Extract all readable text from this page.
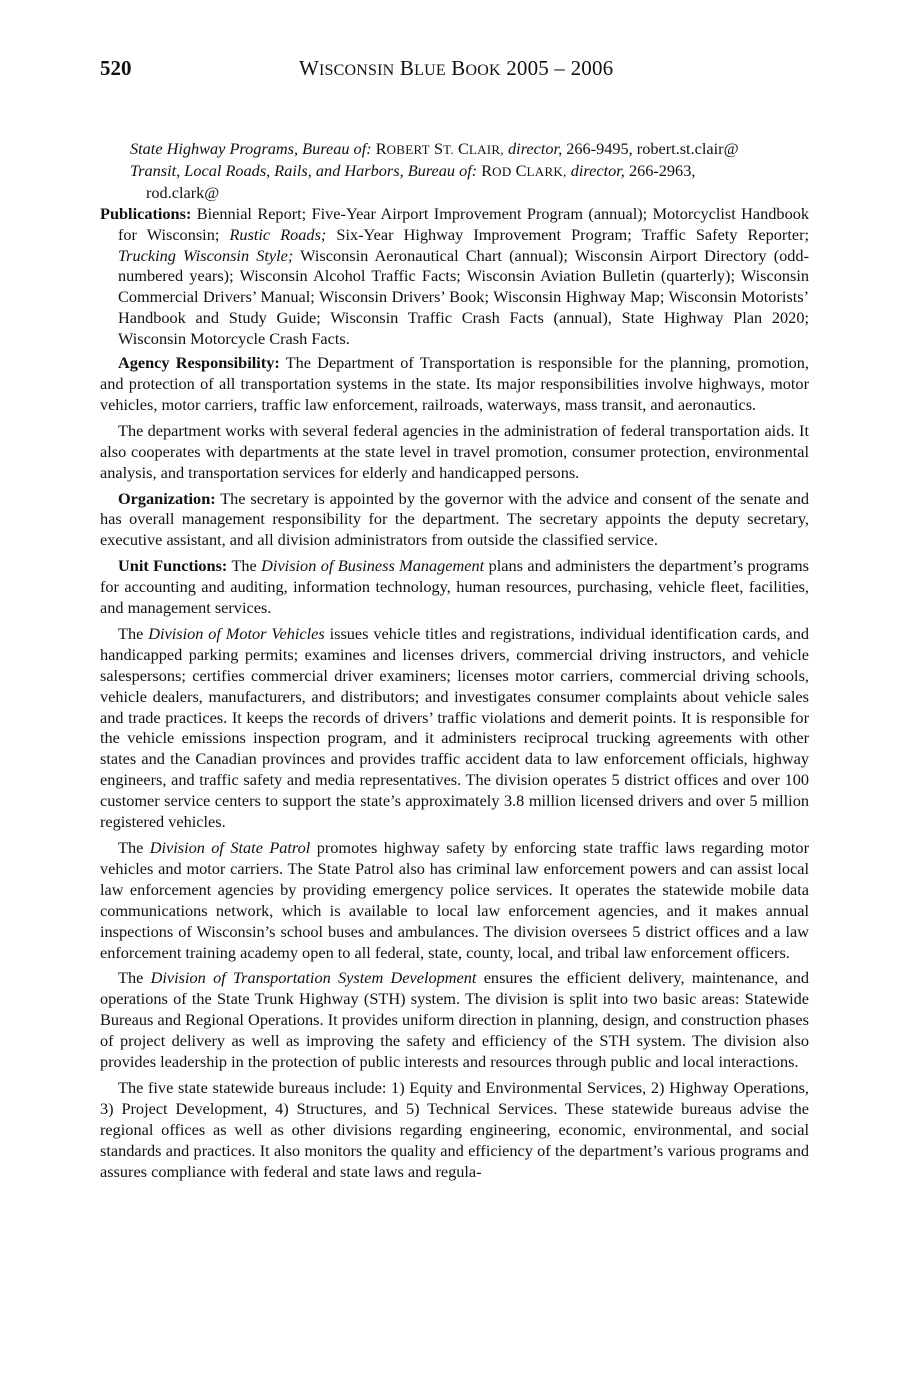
520	WISCONSIN BLUE BOOK 2005 – 2006

State Highway Programs, Bureau of: ROBERT ST. CLAIR, director, 266-9495, robert.st.clair@

Transit, Local Roads, Rails, and Harbors, Bureau of: ROD CLARK, director, 266-2963,
rod.clark@

Publications: Biennial Report; Five-Year Airport Improvement Program (annual); Motorcyclist Handbook for Wisconsin; Rustic Roads; Six-Year Highway Improvement Program; Traffic Safety Reporter; Trucking Wisconsin Style; Wisconsin Aeronautical Chart (annual); Wisconsin Airport Directory (odd-numbered years); Wisconsin Alcohol Traffic Facts; Wisconsin Aviation Bulletin (quarterly); Wisconsin Commercial Drivers’ Manual; Wisconsin Drivers’ Book; Wisconsin Highway Map; Wisconsin Motorists’ Handbook and Study Guide; Wisconsin Traffic Crash Facts (annual), State Highway Plan 2020; Wisconsin Motorcycle Crash Facts.

Agency Responsibility: The Department of Transportation is responsible for the planning, promotion, and protection of all transportation systems in the state. Its major responsibilities involve highways, motor vehicles, motor carriers, traffic law enforcement, railroads, waterways, mass transit, and aeronautics.

The department works with several federal agencies in the administration of federal transportation aids. It also cooperates with departments at the state level in travel promotion, consumer protection, environmental analysis, and transportation services for elderly and handicapped persons.

Organization: The secretary is appointed by the governor with the advice and consent of the senate and has overall management responsibility for the department. The secretary appoints the deputy secretary, executive assistant, and all division administrators from outside the classified service.

Unit Functions: The Division of Business Management plans and administers the department’s programs for accounting and auditing, information technology, human resources, purchasing, vehicle fleet, facilities, and management services.

The Division of Motor Vehicles issues vehicle titles and registrations, individual identification cards, and handicapped parking permits; examines and licenses drivers, commercial driving instructors, and vehicle salespersons; certifies commercial driver examiners; licenses motor carriers, commercial driving schools, vehicle dealers, manufacturers, and distributors; and investigates consumer complaints about vehicle sales and trade practices. It keeps the records of drivers’ traffic violations and demerit points. It is responsible for the vehicle emissions inspection program, and it administers reciprocal trucking agreements with other states and the Canadian provinces and provides traffic accident data to law enforcement officials, highway engineers, and traffic safety and media representatives. The division operates 5 district offices and over 100 customer service centers to support the state’s approximately 3.8 million licensed drivers and over 5 million registered vehicles.

The Division of State Patrol promotes highway safety by enforcing state traffic laws regarding motor vehicles and motor carriers. The State Patrol also has criminal law enforcement powers and can assist local law enforcement agencies by providing emergency police services. It operates the statewide mobile data communications network, which is available to local law enforcement agencies, and it makes annual inspections of Wisconsin’s school buses and ambulances. The division oversees 5 district offices and a law enforcement training academy open to all federal, state, county, local, and tribal law enforcement officers.

The Division of Transportation System Development ensures the efficient delivery, maintenance, and operations of the State Trunk Highway (STH) system. The division is split into two basic areas: Statewide Bureaus and Regional Operations. It provides uniform direction in planning, design, and construction phases of project delivery as well as improving the safety and efficiency of the STH system. The division also provides leadership in the protection of public interests and resources through public and local interactions.

The five state statewide bureaus include: 1) Equity and Environmental Services, 2) Highway Operations, 3) Project Development, 4) Structures, and 5) Technical Services. These statewide bureaus advise the regional offices as well as other divisions regarding engineering, economic, environmental, and social standards and practices. It also monitors the quality and efficiency of the department’s various programs and assures compliance with federal and state laws and regula-
